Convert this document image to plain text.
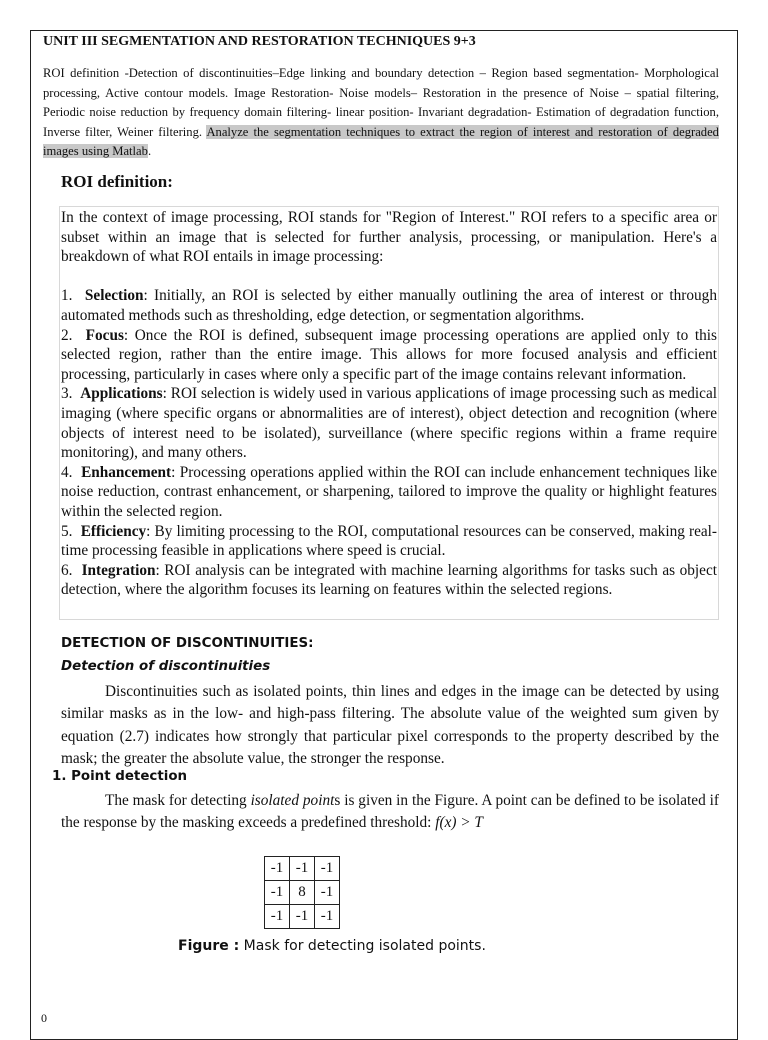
UNIT III SEGMENTATION AND RESTORATION TECHNIQUES 9+3
ROI definition -Detection of discontinuities–Edge linking and boundary detection – Region based segmentation- Morphological processing, Active contour models. Image Restoration- Noise models– Restoration in the presence of Noise – spatial filtering, Periodic noise reduction by frequency domain filtering- linear position- Invariant degradation- Estimation of degradation function, Inverse filter, Weiner filtering. Analyze the segmentation techniques to extract the region of interest and restoration of degraded images using Matlab.
ROI definition:

In the context of image processing, ROI stands for "Region of Interest." ROI refers to a specific area or subset within an image that is selected for further analysis, processing, or manipulation. Here's a breakdown of what ROI entails in image processing:

1. Selection: Initially, an ROI is selected by either manually outlining the area of interest or through automated methods such as thresholding, edge detection, or segmentation algorithms.

2. Focus: Once the ROI is defined, subsequent image processing operations are applied only to this selected region, rather than the entire image. This allows for more focused analysis and efficient processing, particularly in cases where only a specific part of the image contains relevant information.

3. Applications: ROI selection is widely used in various applications of image processing such as medical imaging (where specific organs or abnormalities are of interest), object detection and recognition (where objects of interest need to be isolated), surveillance (where specific regions within a frame require monitoring), and many others.

4. Enhancement: Processing operations applied within the ROI can include enhancement techniques like noise reduction, contrast enhancement, or sharpening, tailored to improve the quality or highlight features within the selected region.

5. Efficiency: By limiting processing to the ROI, computational resources can be conserved, making real-time processing feasible in applications where speed is crucial.

6. Integration: ROI analysis can be integrated with machine learning algorithms for tasks such as object detection, where the algorithm focuses its learning on features within the selected regions.

DETECTION OF DISCONTINUITIES:
Detection of discontinuities

Discontinuities such as isolated points, thin lines and edges in the image can be detected by using similar masks as in the low- and high-pass filtering. The absolute value of the weighted sum given by equation (2.7) indicates how strongly that particular pixel corresponds to the property described by the mask; the greater the absolute value, the stronger the response.

1. Point detection

The mask for detecting isolated points is given in the Figure. A point can be defined to be isolated if the response by the masking exceeds a predefined threshold: f(x) > T

-1	-1	-1
-1	8	-1
-1	-1	-1
Figure : Mask for detecting isolated points.
0
